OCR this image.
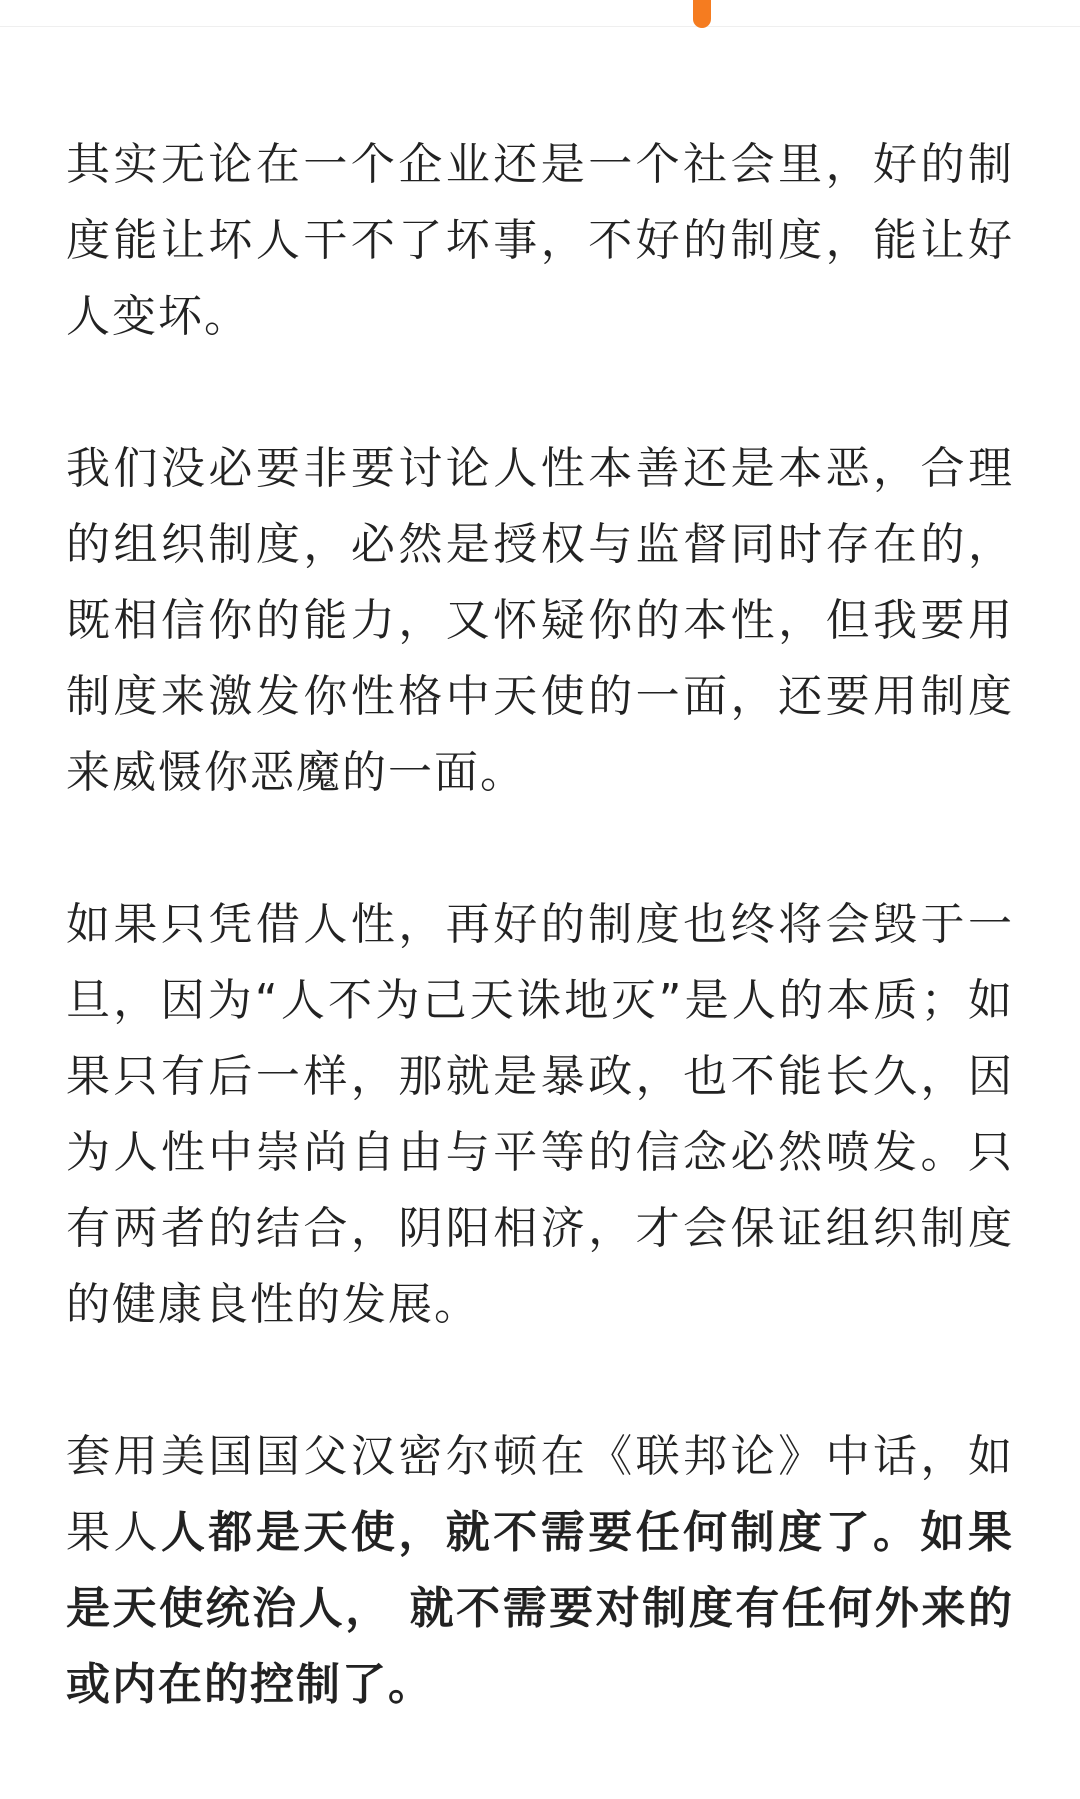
其实无论在一个企业还是一个社会里，好的制度能让坏人干不了坏事，不好的制度，能让好人变坏。

我们没必要非要讨论人性本善还是本恶，合理的组织制度，必然是授权与监督同时存在的，既相信你的能力，又怀疑你的本性，但我要用制度来激发你性格中天使的一面，还要用制度来威慑你恶魔的一面。

如果只凭借人性，再好的制度也终将会毁于一旦，因为“人不为己天诛地灭”是人的本质；如果只有后一样，那就是暴政，也不能长久，因为人性中崇尚自由与平等的信念必然喷发。只有两者的结合，阴阳相济，才会保证组织制度的健康良性的发展。

套用美国国父汉密尔顿在《联邦论》中话，如果人人都是天使，就不需要任何制度了。如果是天使统治人， 就不需要对制度有任何外来的或内在的控制了。
